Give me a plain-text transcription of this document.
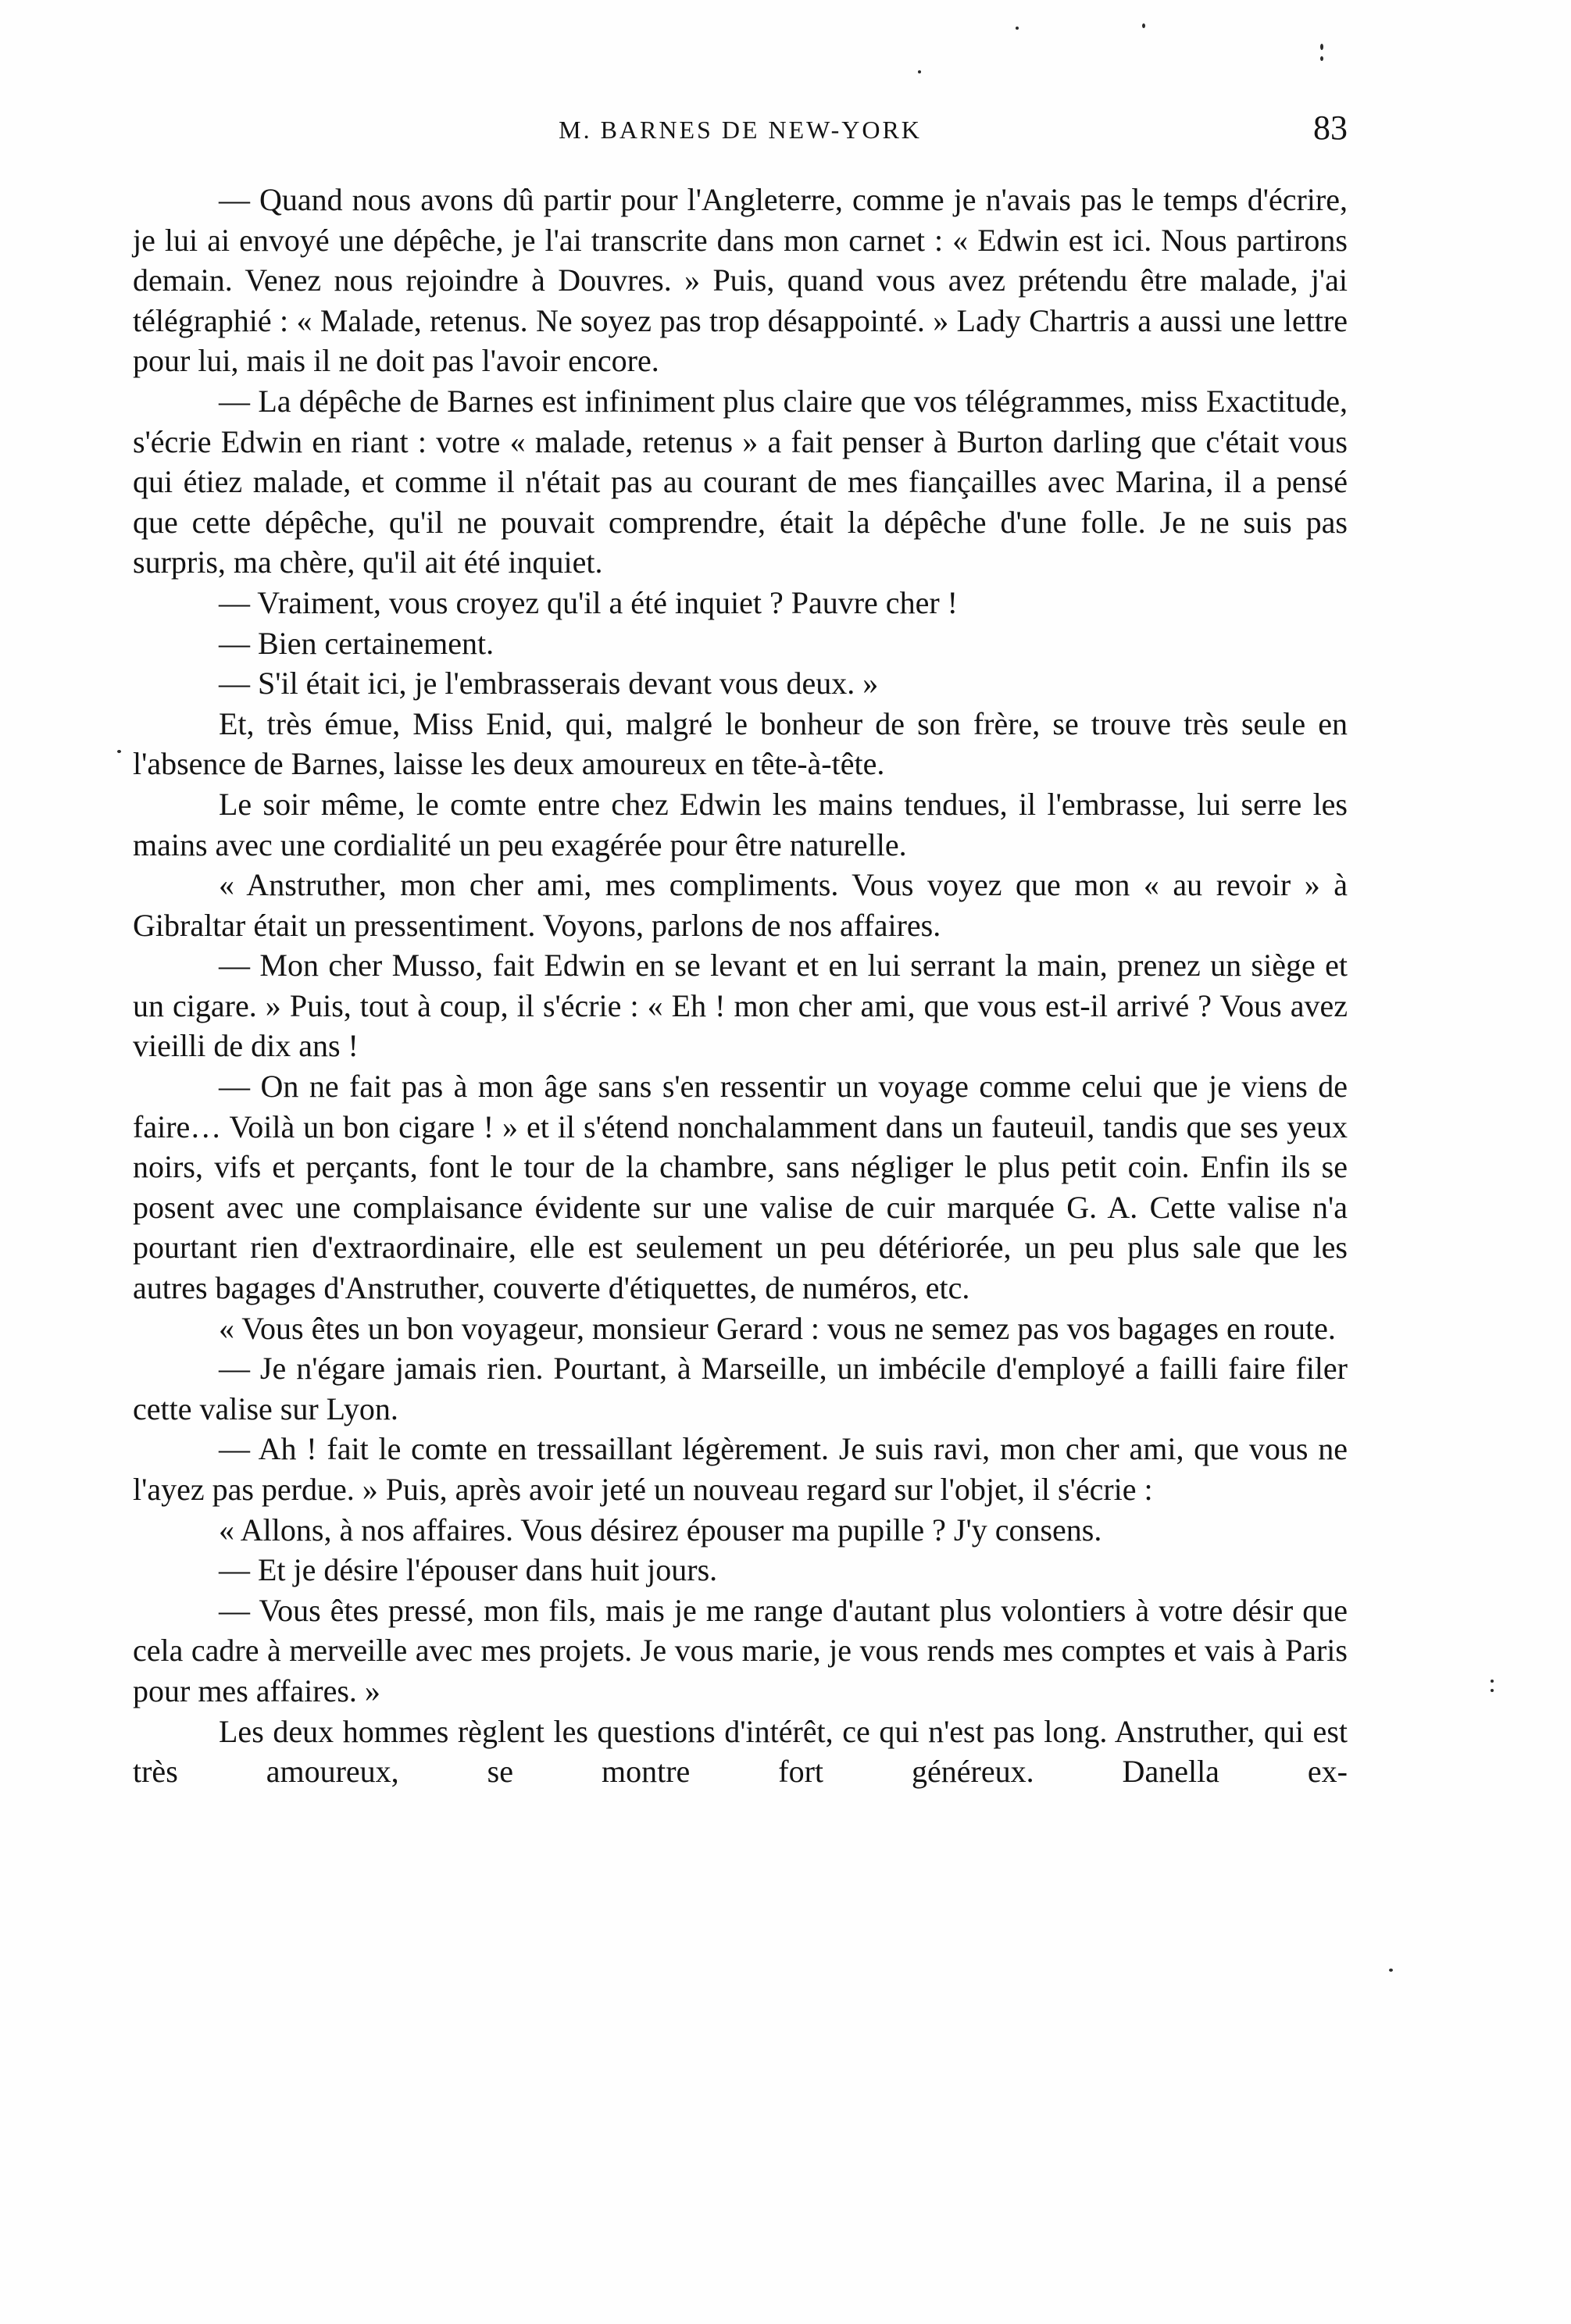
M. BARNES DE NEW-YORK	83

— Quand nous avons dû partir pour l'Angleterre, comme je n'avais pas le temps d'écrire, je lui ai envoyé une dépêche, je l'ai transcrite dans mon carnet : « Edwin est ici. Nous partirons demain. Venez nous rejoindre à Douvres. » Puis, quand vous avez prétendu être malade, j'ai télégraphié : « Malade, retenus. Ne soyez pas trop désappointé. » Lady Chartris a aussi une lettre pour lui, mais il ne doit pas l'avoir encore.

— La dépêche de Barnes est infiniment plus claire que vos télégrammes, miss Exactitude, s'écrie Edwin en riant : votre « malade, retenus » a fait penser à Burton darling que c'était vous qui étiez malade, et comme il n'était pas au courant de mes fiançailles avec Marina, il a pensé que cette dépêche, qu'il ne pouvait comprendre, était la dépêche d'une folle. Je ne suis pas surpris, ma chère, qu'il ait été inquiet.

— Vraiment, vous croyez qu'il a été inquiet ? Pauvre cher !

— Bien certainement.

— S'il était ici, je l'embrasserais devant vous deux. »

Et, très émue, Miss Enid, qui, malgré le bonheur de son frère, se trouve très seule en l'absence de Barnes, laisse les deux amoureux en tête-à-tête.

Le soir même, le comte entre chez Edwin les mains tendues, il l'embrasse, lui serre les mains avec une cordialité un peu exagérée pour être naturelle.

« Anstruther, mon cher ami, mes compliments. Vous voyez que mon « au revoir » à Gibraltar était un pressentiment. Voyons, parlons de nos affaires.

— Mon cher Musso, fait Edwin en se levant et en lui serrant la main, prenez un siège et un cigare. » Puis, tout à coup, il s'écrie : « Eh ! mon cher ami, que vous est-il arrivé ? Vous avez vieilli de dix ans !

— On ne fait pas à mon âge sans s'en ressentir un voyage comme celui que je viens de faire… Voilà un bon cigare ! » et il s'étend nonchalamment dans un fauteuil, tandis que ses yeux noirs, vifs et perçants, font le tour de la chambre, sans négliger le plus petit coin. Enfin ils se posent avec une complaisance évidente sur une valise de cuir marquée G. A. Cette valise n'a pourtant rien d'extraordinaire, elle est seulement un peu détériorée, un peu plus sale que les autres bagages d'Anstruther, couverte d'étiquettes, de numéros, etc.

« Vous êtes un bon voyageur, monsieur Gerard : vous ne semez pas vos bagages en route.

— Je n'égare jamais rien. Pourtant, à Marseille, un imbécile d'employé a failli faire filer cette valise sur Lyon.

— Ah ! fait le comte en tressaillant légèrement. Je suis ravi, mon cher ami, que vous ne l'ayez pas perdue. » Puis, après avoir jeté un nouveau regard sur l'objet, il s'écrie :

« Allons, à nos affaires. Vous désirez épouser ma pupille ? J'y consens.

— Et je désire l'épouser dans huit jours.

— Vous êtes pressé, mon fils, mais je me range d'autant plus volontiers à votre désir que cela cadre à merveille avec mes projets. Je vous marie, je vous rends mes comptes et vais à Paris pour mes affaires. »

Les deux hommes règlent les questions d'intérêt, ce qui n'est pas long. Anstruther, qui est très amoureux, se montre fort généreux. Danella ex-
